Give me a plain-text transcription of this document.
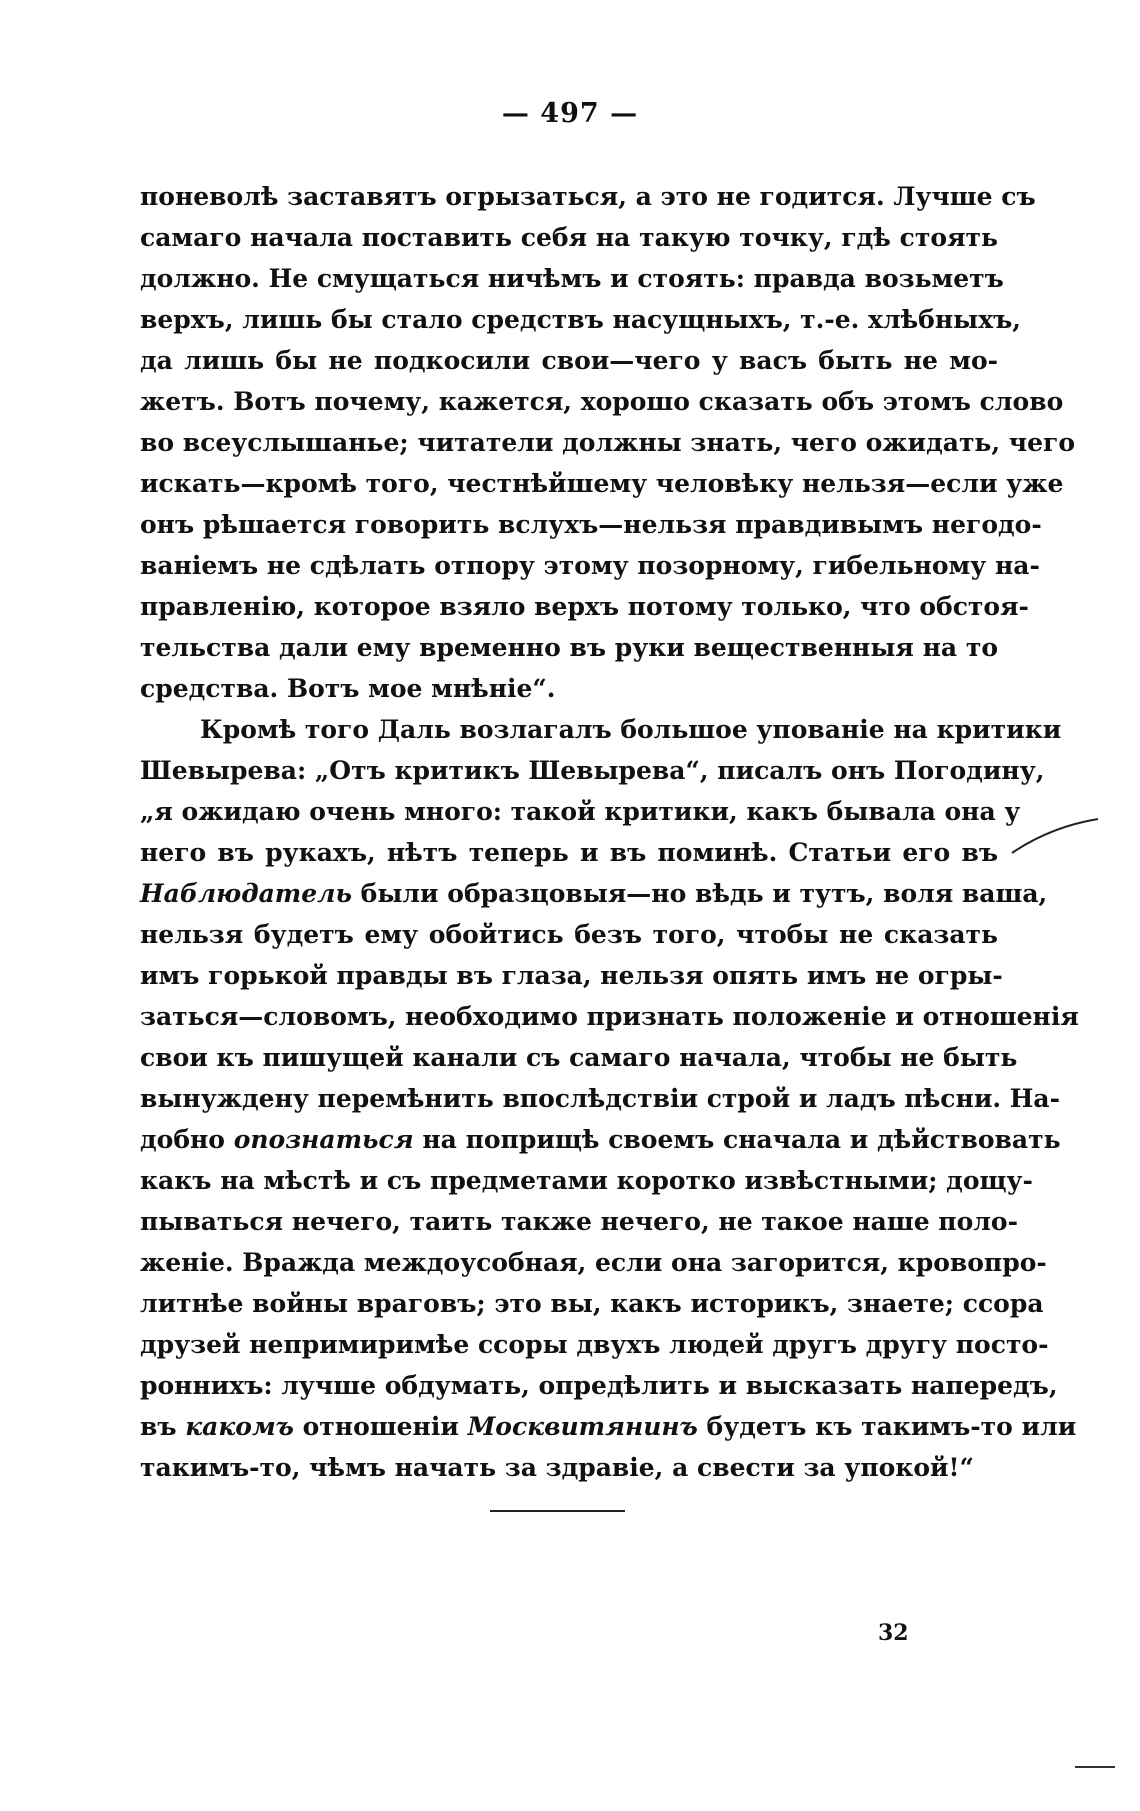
— 497 —
поневолѣ заставятъ огрызаться, а это не годится. Лучше съ
самаго начала поставить себя на такую точку, гдѣ стоять
должно. Не смущаться ничѣмъ и стоять: правда возьметъ
верхъ, лишь бы стало средствъ насущныхъ, т.-е. хлѣбныхъ,
да лишь бы не подкосили свои—чего у васъ быть не мо-
жетъ. Вотъ почему, кажется, хорошо сказать объ этомъ слово
во всеуслышанье; читатели должны знать, чего ожидать, чего
искать—кромѣ того, честнѣйшему человѣку нельзя—если уже
онъ рѣшается говорить вслухъ—нельзя правдивымъ негодо-
ваніемъ не сдѣлать отпору этому позорному, гибельному на-
правленію, которое взяло верхъ потому только, что обстоя-
тельства дали ему временно въ руки вещественныя на то
средства. Вотъ мое мнѣніе“.
Кромѣ того Даль возлагалъ большое упованіе на критики
Шевырева: „Отъ критикъ Шевырева“, писалъ онъ Погодину,
„я ожидаю очень много: такой критики, какъ бывала она у
него въ рукахъ, нѣтъ теперь и въ поминѣ. Статьи его въ
Наблюдатель были образцовыя—но вѣдь и тутъ, воля ваша,
нельзя будетъ ему обойтись безъ того, чтобы не сказать
имъ горькой правды въ глаза, нельзя опять имъ не огры-
заться—словомъ, необходимо признать положеніе и отношенія
свои къ пишущей канали съ самаго начала, чтобы не быть
вынуждену перемѣнить впослѣдствіи строй и ладъ пѣсни. На-
добно опознаться на поприщѣ своемъ сначала и дѣйствовать
какъ на мѣстѣ и съ предметами коротко извѣстными; дощу-
пываться нечего, таить также нечего, не такое наше поло-
женіе. Вражда междоусобная, если она загорится, кровопро-
литнѣе войны враговъ; это вы, какъ историкъ, знаете; ссора
друзей непримиримѣе ссоры двухъ людей другъ другу посто-
роннихъ: лучше обдумать, опредѣлить и высказать напередъ,
въ какомъ отношеніи Москвитянинъ будетъ къ такимъ-то или
такимъ-то, чѣмъ начать за здравіе, а свести за упокой!“
32
